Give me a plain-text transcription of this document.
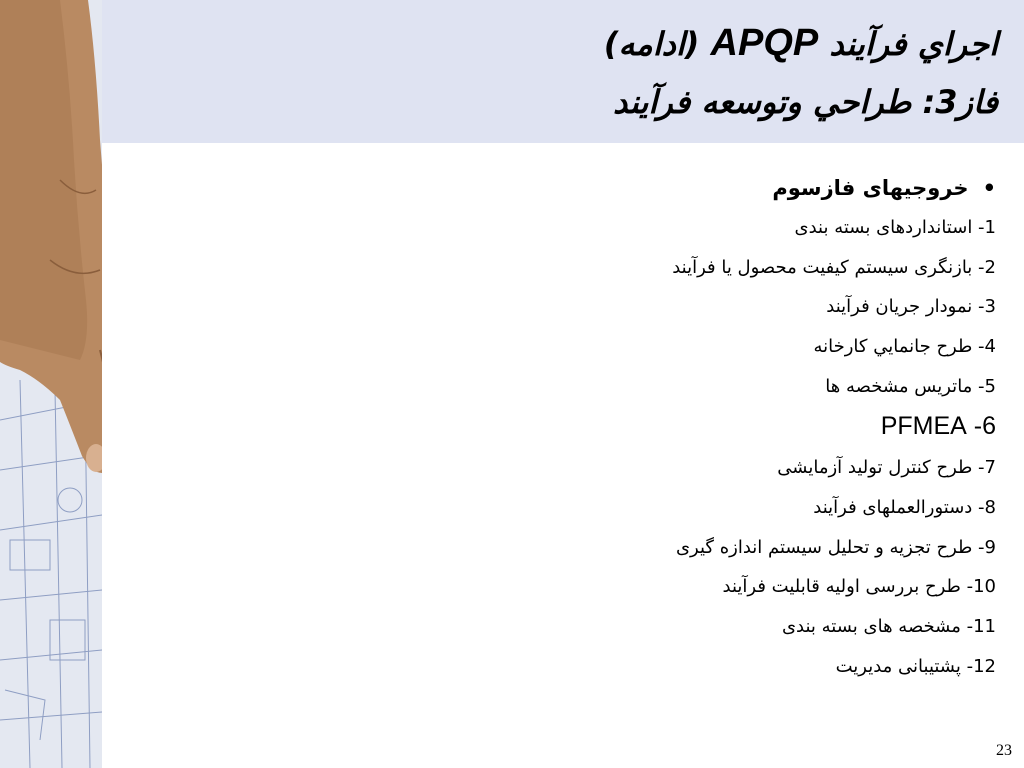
اجراي فرآيند APQP (ادامه)
فاز3: طراحي وتوسعه فرآيند
•خروجیهای فازسوم
1- استانداردهای بسته بندی
2- بازنگری سیستم کیفیت محصول یا فرآیند
3- نمودار جریان فرآیند
4- طرح جانمايي كارخانه
5- ماتریس مشخصه ها
6- PFMEA
7- طرح کنترل تولید آزمایشی
8- دستورالعملهای فرآیند
9- طرح تجزیه و تحلیل سیستم اندازه گیری
10- طرح بررسی اولیه قابلیت فرآیند
11- مشخصه های بسته بندی
12- پشتیبانی مدیریت
23
